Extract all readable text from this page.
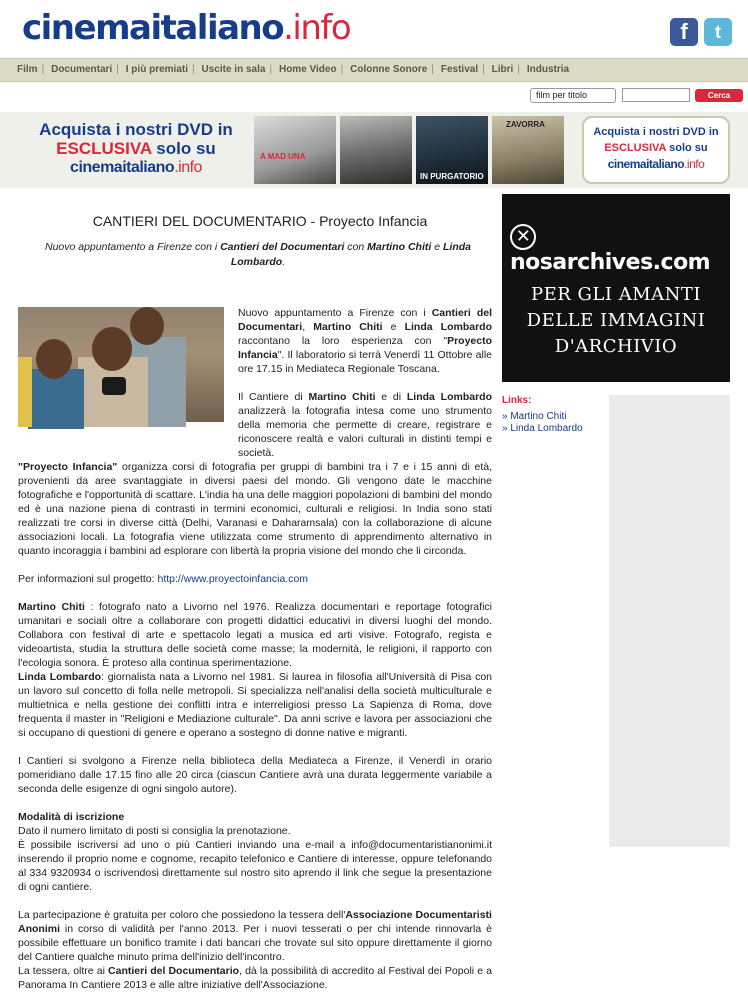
cinemaitaliano.info	f	t
Film | Documentari | I più premiati | Uscite in sala | Home Video | Colonne Sonore | Festival | Libri | Industria
film per titolo	Cerca
Acquista i nostri DVD in
ESCLUSIVA solo su
cinemaitaliano.info
A MAD UNA
IN PURGATORIO
ZAVORRA
Acquista i nostri DVD in
ESCLUSIVA solo su
cinemaitaliano.info
CANTIERI DEL DOCUMENTARIO - Proyecto Infancia
Nuovo appuntamento a Firenze con i Cantieri del Documentari con Martino Chiti e Linda Lombardo.

Nuovo appuntamento a Firenze con i Cantieri del Documentari, Martino Chiti e Linda Lombardo raccontano la loro esperienza con "Proyecto Infancia". Il laboratorio si terrà Venerdì 11 Ottobre alle ore 17.15 in Mediateca Regionale Toscana.

Il Cantiere di Martino Chiti e di Linda Lombardo analizzerà la fotografia intesa come uno strumento della memoria che permette di creare, registrare e riconoscere realtà e valori culturali in distinti tempi e società.

"Proyecto Infancia" organizza corsi di fotografia per gruppi di bambini tra i 7 e i 15 anni di età, provenienti da aree svantaggiate in diversi paesi del mondo. Gli vengono date le macchine fotografiche e l'opportunità di scattare. L'india ha una delle maggiori popolazioni di bambini del mondo ed è una nazione piena di contrasti in termini economici, culturali e religiosi. In India sono stati realizzati tre corsi in diverse città (Delhi, Varanasi e Daharamsala) con la collaborazione di alcune associazioni locali. La fotografia viene utilizzata come strumento di apprendimento alternativo in quanto incoraggia i bambini ad esplorare con libertà la propria visione del mondo che li circonda.

Per informazioni sul progetto: http://www.proyectoinfancia.com

Martino Chiti : fotografo nato a Livorno nel 1976. Realizza documentari e reportage fotografici umanitari e sociali oltre a collaborare con progetti didattici educativi in diversi luoghi del mondo. Collabora con festival di arte e spettacolo legati a musica ed arti visive. Fotografo, regista e videoartista, studia la struttura delle società come masse; la modernità, le religioni, il rapporto con l'ecologia sonora. È proteso alla continua sperimentazione.

Linda Lombardo: giornalista nata a Livorno nel 1981. Si laurea in filosofia all'Università di Pisa con un lavoro sul concetto di folla nelle metropoli. Si specializza nell'analisi della società multiculturale e multietnica e nella gestione dei conflitti intra e interreligiosi presso La Sapienza di Roma, dove frequenta il master in "Religioni e Mediazione culturale". Da anni scrive e lavora per associazioni che si occupano di questioni di genere e operano a sostegno di donne native e migranti.

I Cantieri si svolgono a Firenze nella biblioteca della Mediateca a Firenze, il Venerdì in orario pomeridiano dalle 17.15 fino alle 20 circa (ciascun Cantiere avrà una durata leggermente variabile a seconda delle esigenze di ogni singolo autore).

Modalità di iscrizione

Dato il numero limitato di posti si consiglia la prenotazione.

È possibile iscriversi ad uno o più Cantieri inviando una e-mail a info@documentaristianonimi.it inserendo il proprio nome e cognome, recapito telefonico e Cantiere di interesse, oppure telefonando al 334 9320934 o iscrivendosi direttamente sul nostro sito aprendo il link che segue la presentazione di ogni cantiere.

La partecipazione è gratuita per coloro che possiedono la tessera dell'Associazione Documentaristi Anonimi in corso di validità per l'anno 2013. Per i nuovi tesserati o per chi intende rinnovarla è possibile effettuare un bonifico tramite i dati bancari che trovate sul sito oppure direttamente il giorno del Cantiere qualche minuto prima dell'inizio dell'incontro.

La tessera, oltre ai Cantieri del Documentario, dà la possibilità di accredito al Festival dei Popoli e a Panorama In Cantiere 2013 e alle altre iniziative dell'Associazione.

✕nosarchives.com
PER GLI AMANTI
DELLE IMMAGINI
D'ARCHIVIO
Links:
» Martino Chiti
» Linda Lombardo
